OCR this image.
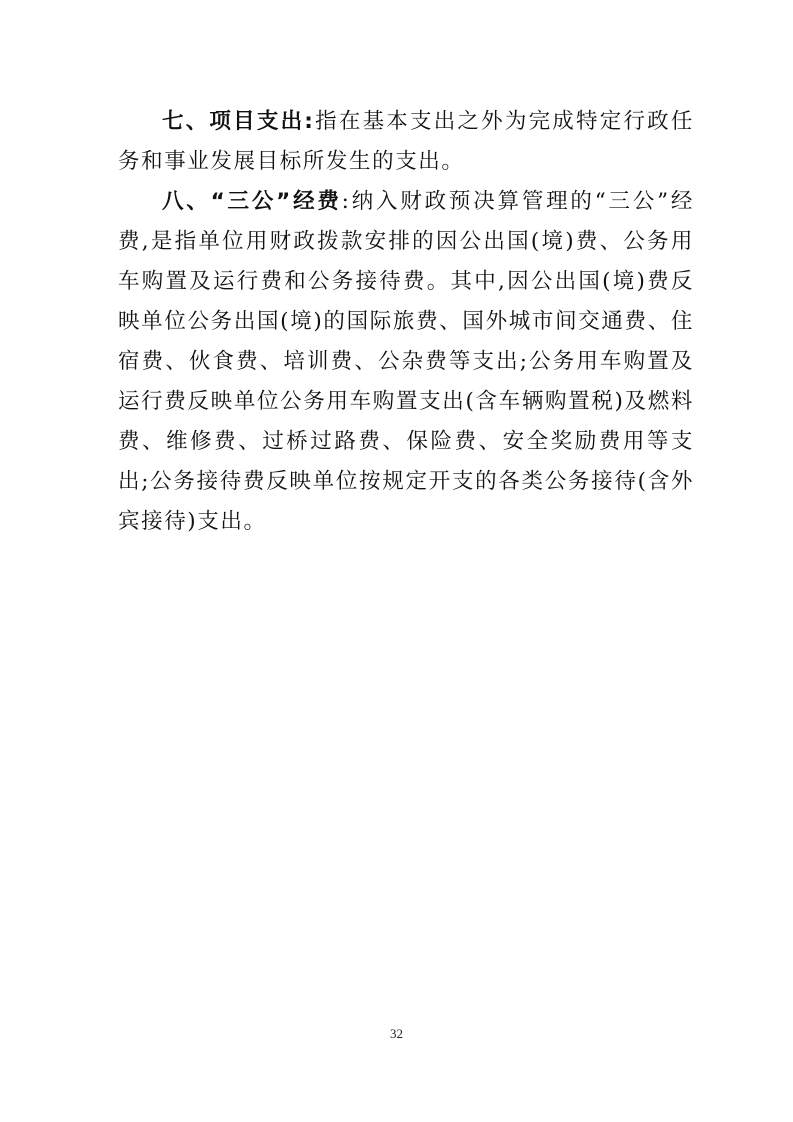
七、项目支出:指在基本支出之外为完成特定行政任务和事业发展目标所发生的支出。

八、“三公”经费:纳入财政预决算管理的“三公”经费,是指单位用财政拨款安排的因公出国(境)费、公务用车购置及运行费和公务接待费。其中,因公出国(境)费反映单位公务出国(境)的国际旅费、国外城市间交通费、住宿费、伙食费、培训费、公杂费等支出;公务用车购置及运行费反映单位公务用车购置支出(含车辆购置税)及燃料费、维修费、过桥过路费、保险费、安全奖励费用等支出;公务接待费反映单位按规定开支的各类公务接待(含外宾接待)支出。

32
